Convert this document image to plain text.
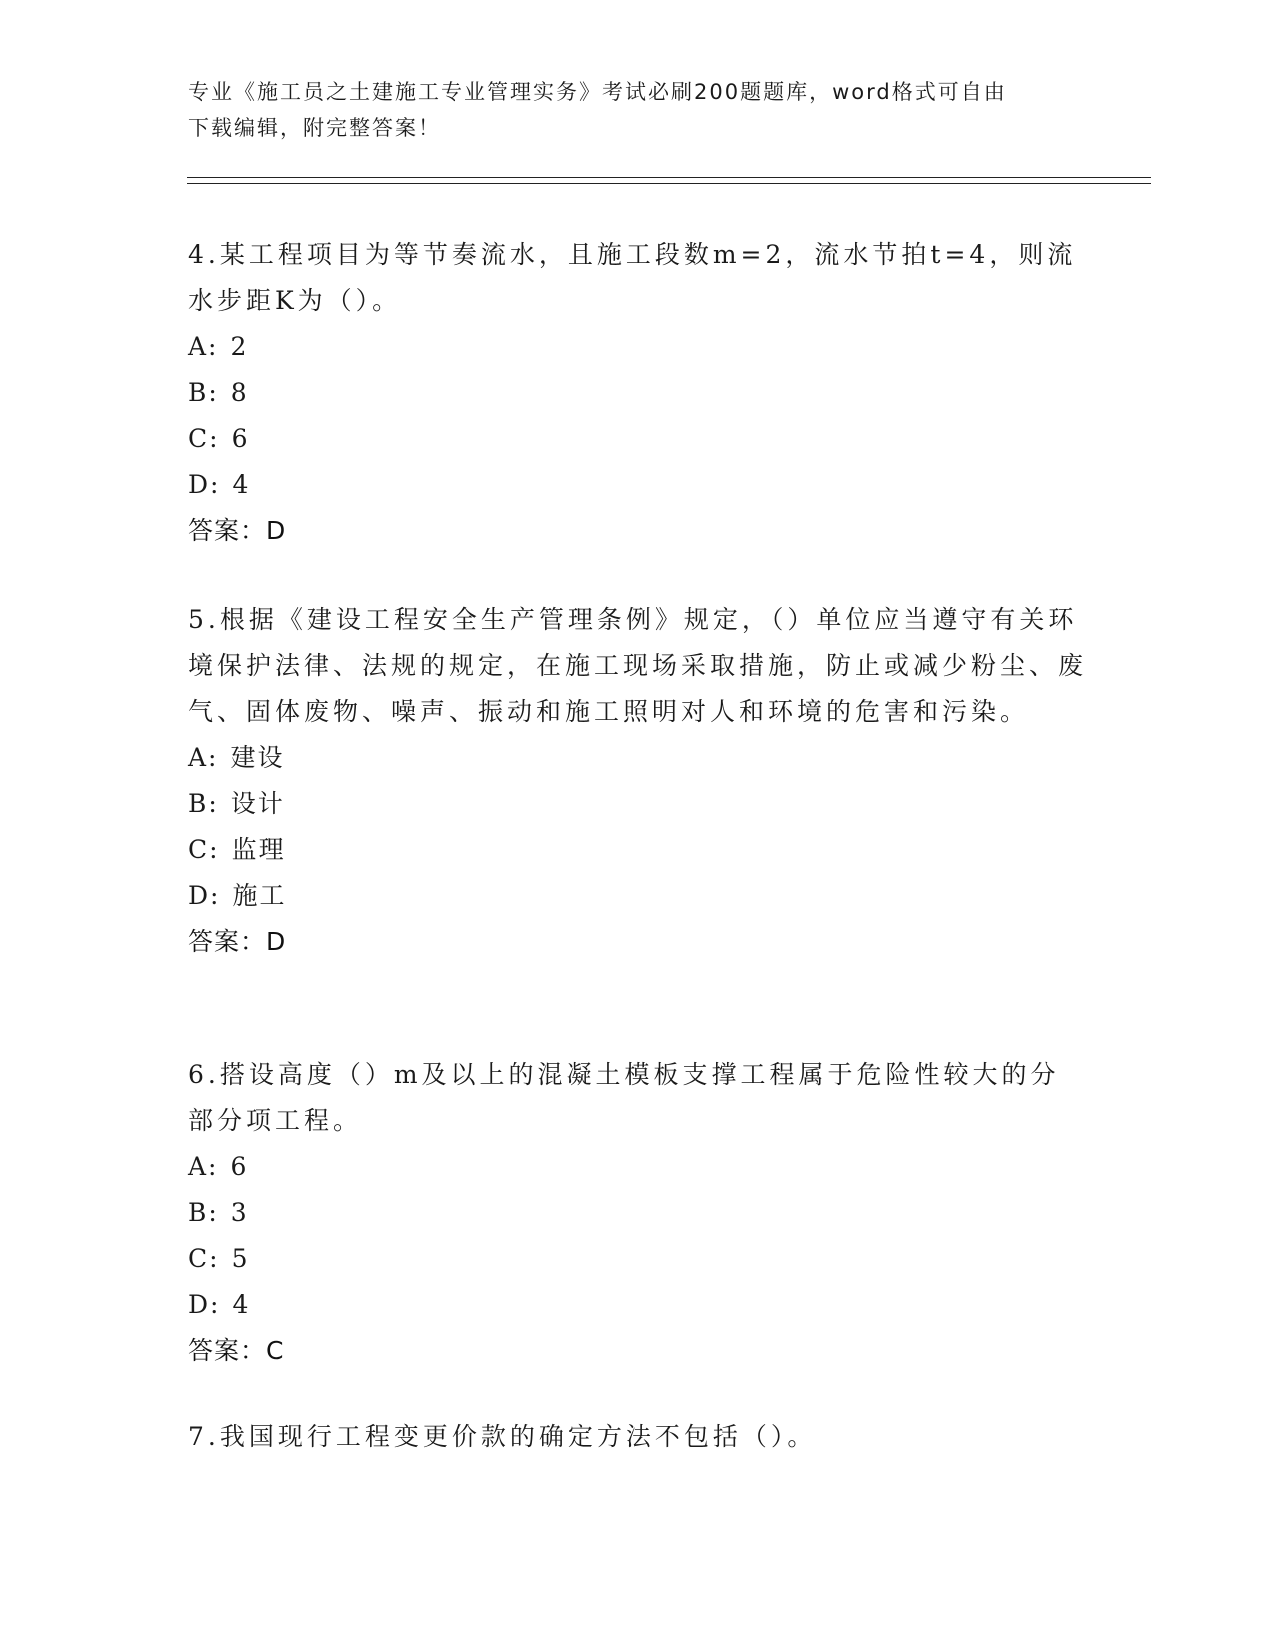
专业《施工员之土建施工专业管理实务》考试必刷200题题库，word格式可自由
下载编辑，附完整答案！

4.某工程项目为等节奏流水，且施工段数m=2，流水节拍t=4，则流水步距K为（）。

A: 2

B: 8

C: 6

D: 4

答案：D

5.根据《建设工程安全生产管理条例》规定，（）单位应当遵守有关环境保护法律、法规的规定，在施工现场采取措施，防止或减少粉尘、废气、固体废物、噪声、振动和施工照明对人和环境的危害和污染。

A: 建设

B: 设计

C: 监理

D: 施工

答案：D

6.搭设高度（）m及以上的混凝土模板支撑工程属于危险性较大的分部分项工程。

A: 6

B: 3

C: 5

D: 4

答案：C

7.我国现行工程变更价款的确定方法不包括（）。
